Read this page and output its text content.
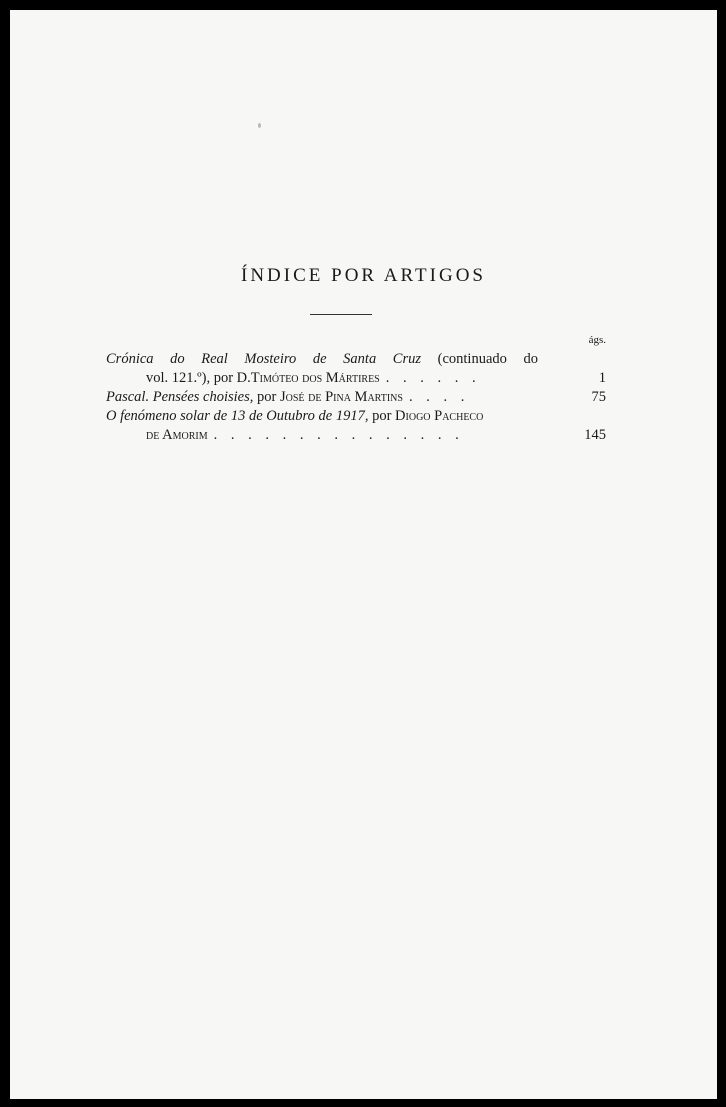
ÍNDICE POR ARTIGOS
ágs.
Crónica do Real Mosteiro de Santa Cruz (continuado do
vol. 121.º), por D. Timóteo dos Mártires . . . . . .	1
Pascal. Pensées choisies, por José de Pina Martins . . . .	75
O fenómeno solar de 13 de Outubro de 1917, por Diogo Pacheco
de Amorim . . . . . . . . . . . . . . .	145
